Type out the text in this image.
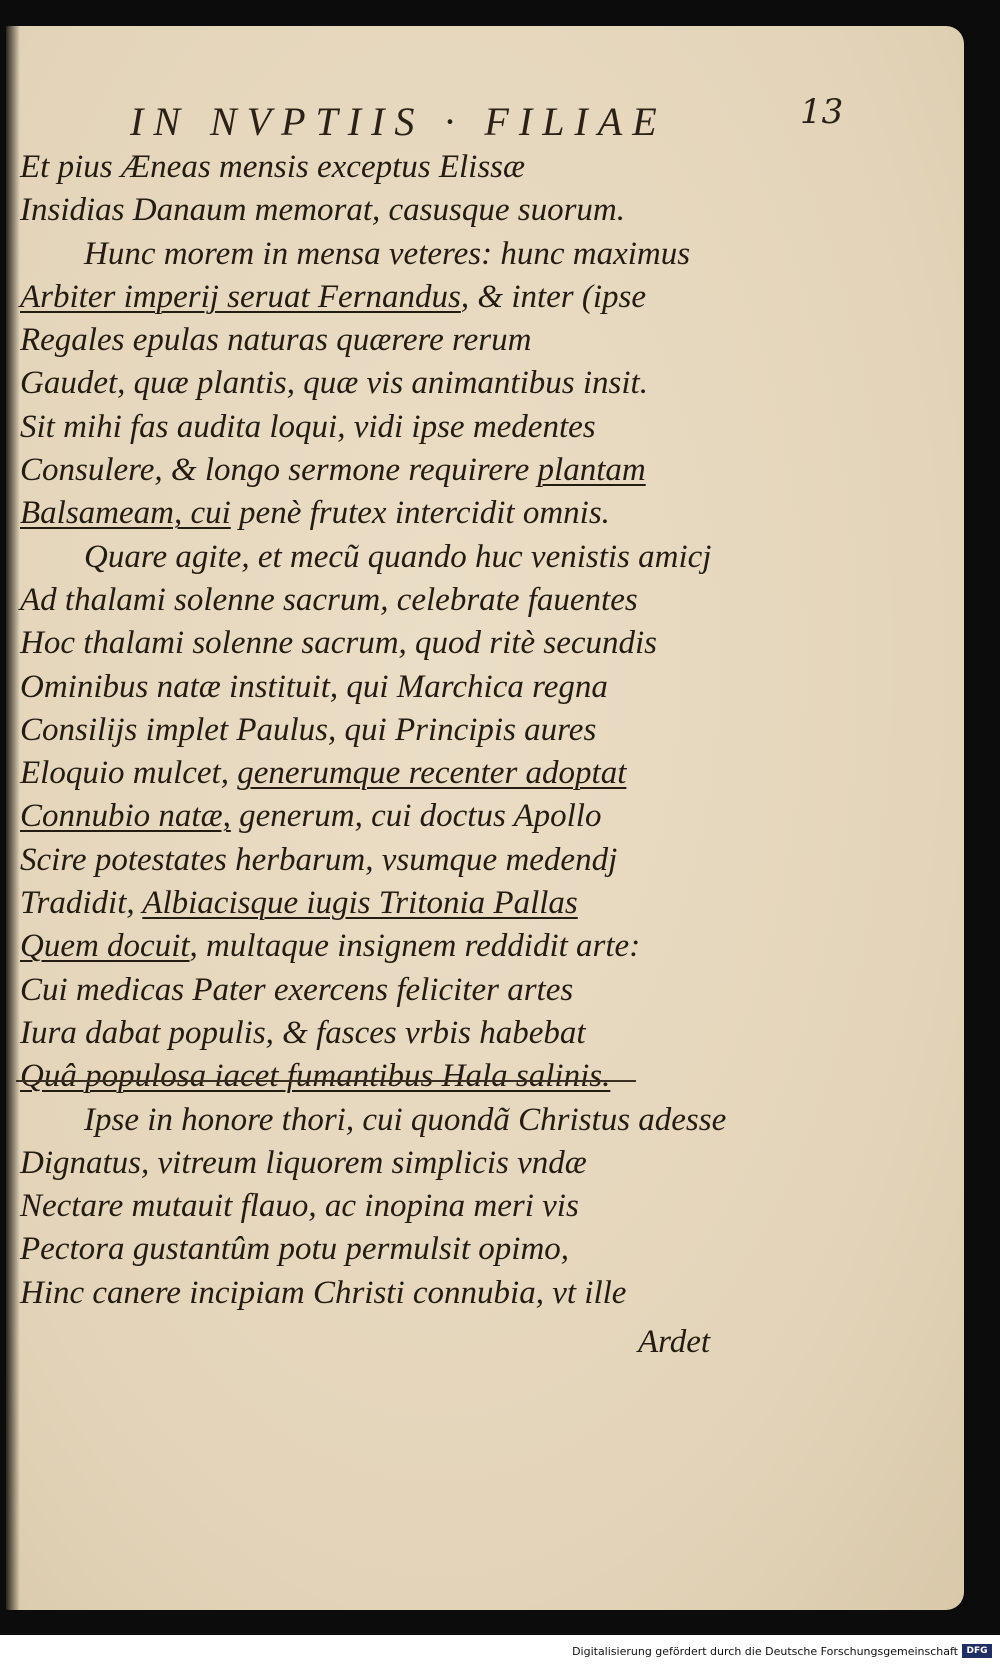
IN NVPTIIS · FILIAE	13
Et pius Æneas mensis exceptus Elissæ
Insidias Danaum memorat, casusque suorum.
Hunc morem in mensa veteres: hunc maximus
Arbiter imperij seruat Fernandus, & inter (ipse
Regales epulas naturas quærere rerum
Gaudet, quæ plantis, quæ vis animantibus insit.
Sit mihi fas audita loqui, vidi ipse medentes
Consulere, & longo sermone requirere plantam
Balsameam, cui penè frutex intercidit omnis.
Quare agite, et mecũ quando huc venistis amicj
Ad thalami solenne sacrum, celebrate fauentes
Hoc thalami solenne sacrum, quod ritè secundis
Ominibus natæ instituit, qui Marchica regna
Consilijs implet Paulus, qui Principis aures
Eloquio mulcet, generumque recenter adoptat
Connubio natæ, generum, cui doctus Apollo
Scire potestates herbarum, vsumque medendj
Tradidit, Albiacisque iugis Tritonia Pallas
Quem docuit, multaque insignem reddidit arte:
Cui medicas Pater exercens feliciter artes
Iura dabat populis, & fasces vrbis habebat
Quâ populosa iacet fumantibus Hala salinis.
Ipse in honore thori, cui quondã Christus adesse
Dignatus, vitreum liquorem simplicis vndæ
Nectare mutauit flauo, ac inopina meri vis
Pectora gustantûm potu permulsit opimo,
Hinc canere incipiam Christi connubia, vt ille
Ardet
Digitalisierung gefördert durch die Deutsche Forschungsgemeinschaft DFG
